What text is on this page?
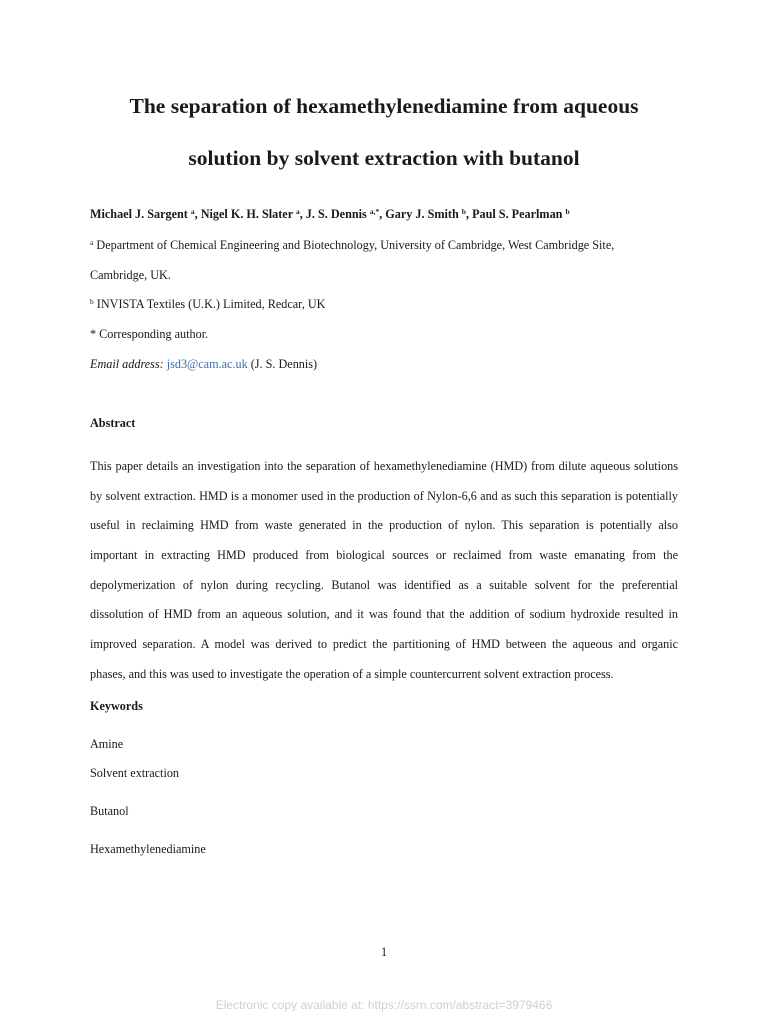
The separation of hexamethylenediamine from aqueous
solution by solvent extraction with butanol

Michael J. Sargent $^a$, Nigel K. H. Slater $^a$, J. S. Dennis $^{a,*}$, Gary J. Smith $^b$, Paul S. Pearlman $^b$

$^a$ Department of Chemical Engineering and Biotechnology, University of Cambridge, West Cambridge Site,

Cambridge, UK.

$^b$ INVISTA Textiles (U.K.) Limited, Redcar, UK

* Corresponding author.

Email address: jsd3@cam.ac.uk (J. S. Dennis)

Abstract

This paper details an investigation into the separation of hexamethylenediamine (HMD) from dilute aqueous solutions
by solvent extraction. HMD is a monomer used in the production of Nylon-6,6 and as such this separation is potentially
useful in reclaiming HMD from waste generated in the production of nylon. This separation is potentially also
important in extracting HMD produced from biological sources or reclaimed from waste emanating from the
depolymerization of nylon during recycling. Butanol was identified as a suitable solvent for the preferential
dissolution of HMD from an aqueous solution, and it was found that the addition of sodium hydroxide resulted in
improved separation. A model was derived to predict the partitioning of HMD between the aqueous and organic
phases, and this was used to investigate the operation of a simple countercurrent solvent extraction process.

Keywords

Amine

Solvent extraction

Butanol

Hexamethylenediamine

1

Electronic copy available at: https://ssrn.com/abstract=3979466
